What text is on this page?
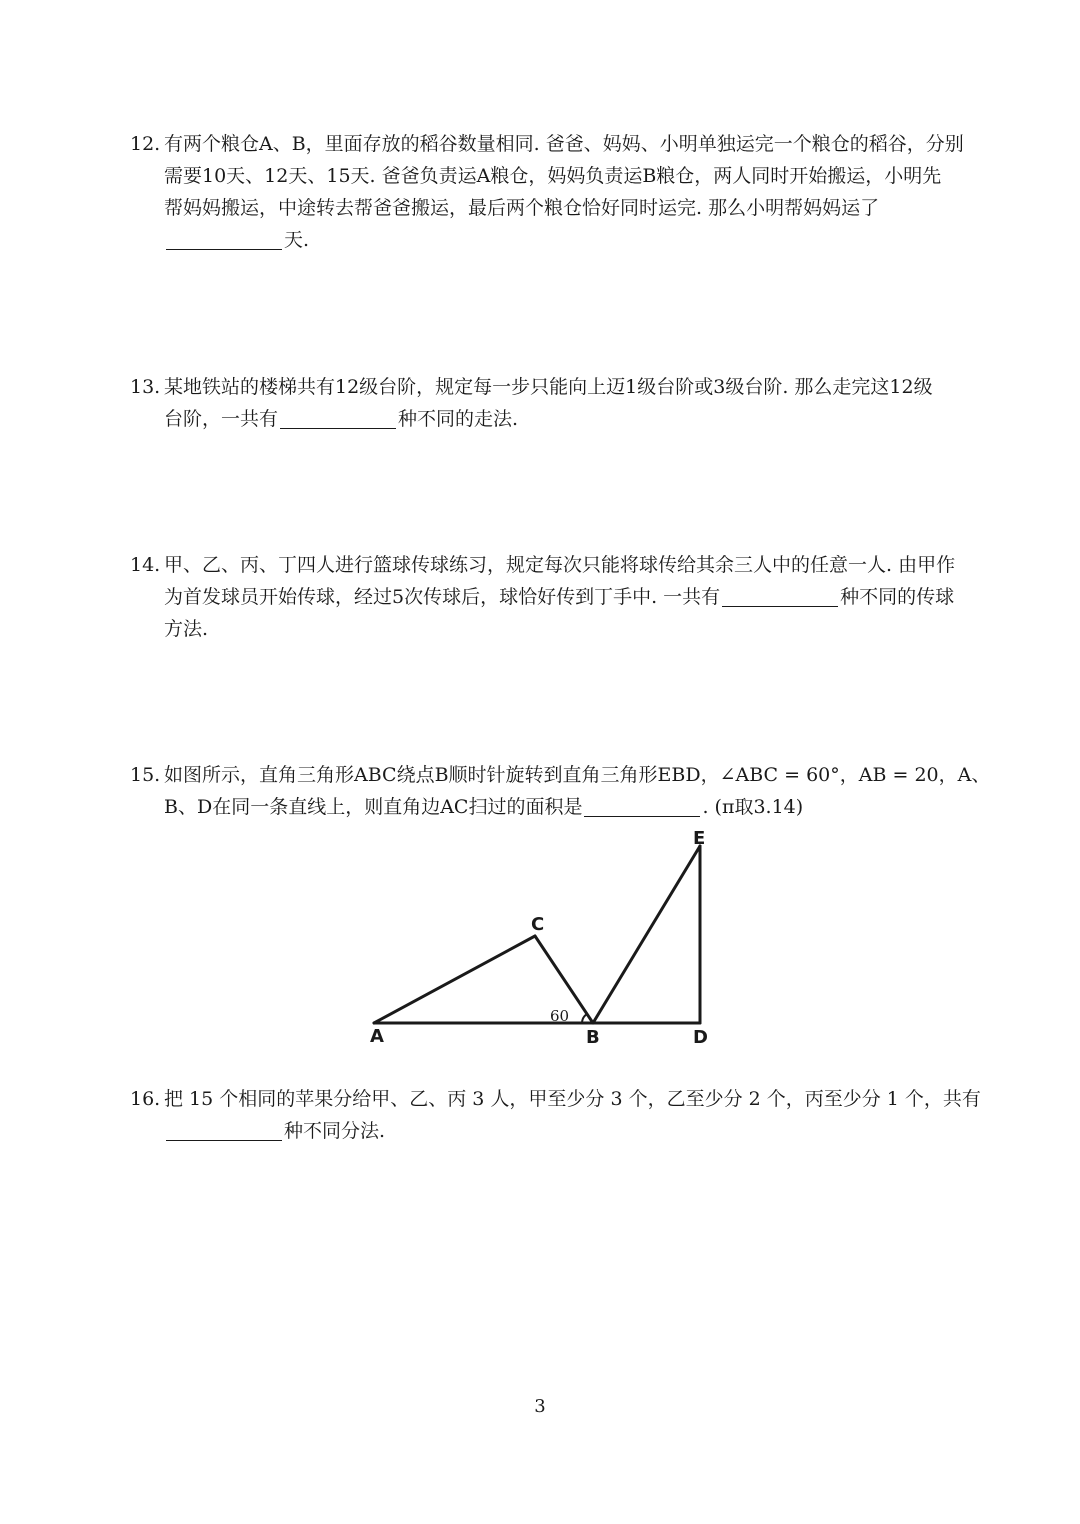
12. 有两个粮仓A、B，里面存放的稻谷数量相同. 爸爸、妈妈、小明单独运完一个粮仓的稻谷，分别
需要10天、12天、15天. 爸爸负责运A粮仓，妈妈负责运B粮仓，两人同时开始搬运，小明先
帮妈妈搬运，中途转去帮爸爸搬运，最后两个粮仓恰好同时运完. 那么小明帮妈妈运了
天.
13. 某地铁站的楼梯共有12级台阶，规定每一步只能向上迈1级台阶或3级台阶. 那么走完这12级
台阶，一共有	种不同的走法.
14. 甲、乙、丙、丁四人进行篮球传球练习，规定每次只能将球传给其余三人中的任意一人. 由甲作
为首发球员开始传球，经过5次传球后，球恰好传到丁手中. 一共有	种不同的传球
方法.
15. 如图所示，直角三角形ABC绕点B顺时针旋转到直角三角形EBD，∠ABC = 60°，AB = 20，A、
B、D在同一条直线上，则直角边AC扫过的面积是	. (π取3.14)
A	B
C
D
E
60
16. 把 15 个相同的苹果分给甲、乙、丙 3 人，甲至少分 3 个，乙至少分 2 个，丙至少分 1 个，共有
种不同分法.
3
